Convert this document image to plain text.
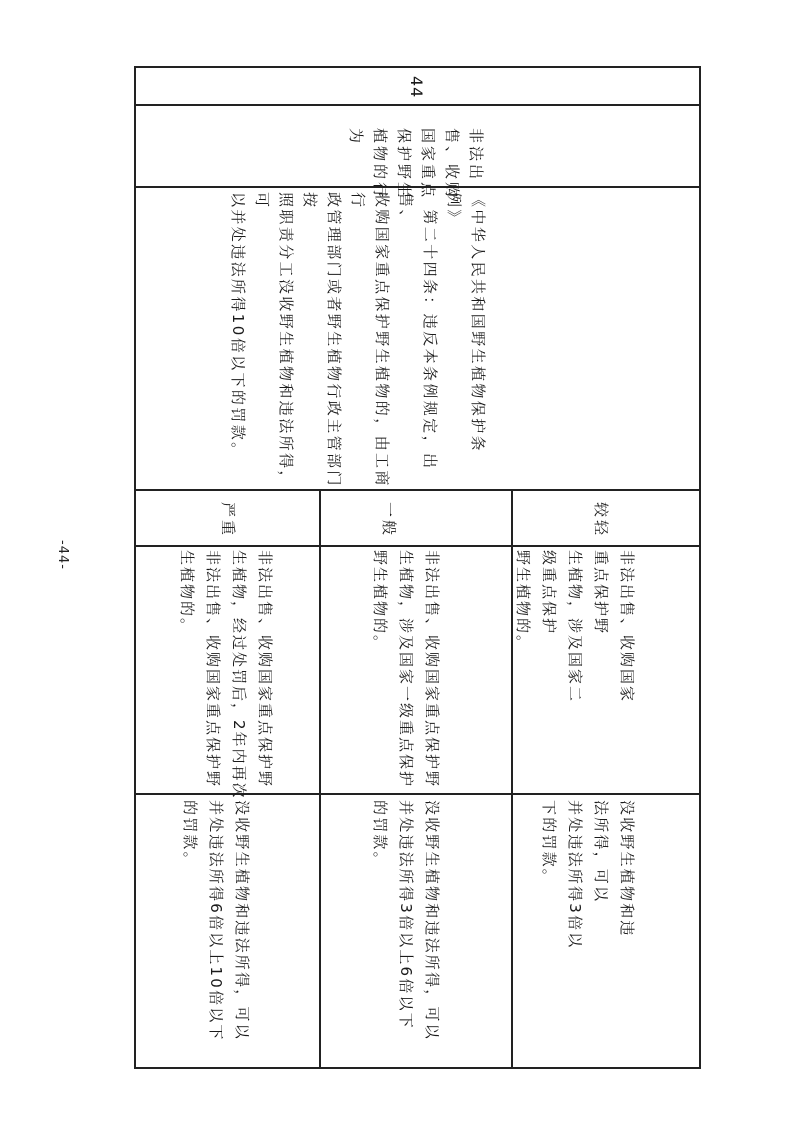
44
非法出
售、收购
国家重点
保护野生
植物的行
为
《中华人民共和国野生植物保护条
例》
　第二十四条：违反本条例规定，出售、
收购国家重点保护野生植物的，由工商行
政管理部门或者野生植物行政主管部门按
照职责分工没收野生植物和违法所得，可
以并处违法所得10倍以下的罚款。
较轻
非法出售、收购国家重点保护野
生植物，涉及国家二级重点保护
野生植物的。
没收野生植物和违法所得，可以
并处违法所得3倍以下的罚款。
一般
非法出售、收购国家重点保护野
生植物，涉及国家一级重点保护
野生植物的。
没收野生植物和违法所得，可以
并处违法所得3倍以上6倍以下
的罚款。
严重
非法出售、收购国家重点保护野
生植物，经过处罚后，2年内再次
非法出售、收购国家重点保护野
生植物的。
没收野生植物和违法所得，可以
并处违法所得6倍以上10倍以下
的罚款。
-44-
